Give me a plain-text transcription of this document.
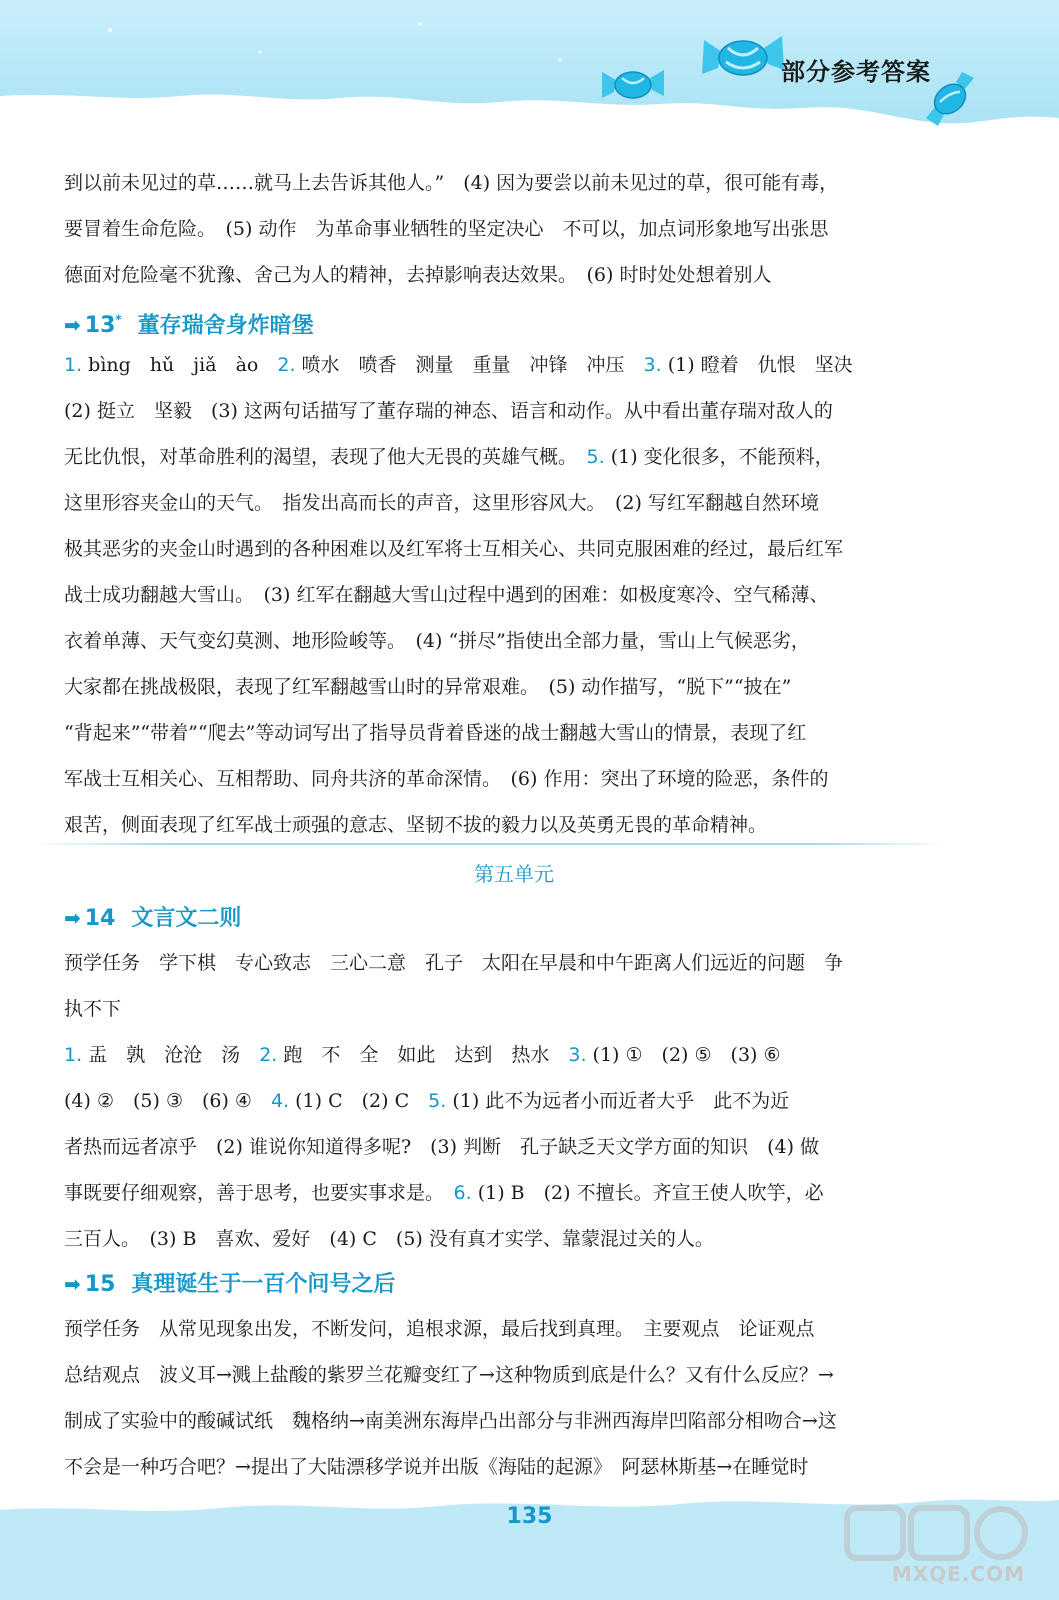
部分参考答案

到以前未见过的草……就马上去告诉其他人。”　(4) 因为要尝以前未见过的草，很可能有毒，

要冒着生命危险。　(5) 动作　为革命事业牺牲的坚定决心　不可以，加点词形象地写出张思

德面对危险毫不犹豫、舍己为人的精神，去掉影响表达效果。　(6) 时时处处想着别人

➡ 13* 董存瑞舍身炸暗堡

1. bìng　hǔ　jiǎ　ào　2. 喷水　喷香　测量　重量　冲锋　冲压　3. (1) 瞪着　仇恨　坚决

(2) 挺立　坚毅　(3) 这两句话描写了董存瑞的神态、语言和动作。从中看出董存瑞对敌人的

无比仇恨，对革命胜利的渴望，表现了他大无畏的英雄气概。　5. (1) 变化很多，不能预料，

这里形容夹金山的天气。　指发出高而长的声音，这里形容风大。　(2) 写红军翻越自然环境

极其恶劣的夹金山时遇到的各种困难以及红军将士互相关心、共同克服困难的经过，最后红军

战士成功翻越大雪山。　(3) 红军在翻越大雪山过程中遇到的困难：如极度寒冷、空气稀薄、

衣着单薄、天气变幻莫测、地形险峻等。　(4) “拼尽”指使出全部力量，雪山上气候恶劣，

大家都在挑战极限，表现了红军翻越雪山时的异常艰难。　(5) 动作描写，“脱下”“披在”

“背起来”“带着”“爬去”等动词写出了指导员背着昏迷的战士翻越大雪山的情景，表现了红

军战士互相关心、互相帮助、同舟共济的革命深情。　(6) 作用：突出了环境的险恶，条件的

艰苦，侧面表现了红军战士顽强的意志、坚韧不拔的毅力以及英勇无畏的革命精神。

第五单元
➡ 14 文言文二则

预学任务　学下棋　专心致志　三心二意　孔子　太阳在早晨和中午距离人们远近的问题　争

执不下

1. 盂　孰　沧沧　汤　2. 跑　不　全　如此　达到　热水　3. (1) ①　(2) ⑤　(3) ⑥

(4) ②　(5) ③　(6) ④　4. (1) C　(2) C　5. (1) 此不为远者小而近者大乎　此不为近

者热而远者凉乎　(2) 谁说你知道得多呢?　(3) 判断　孔子缺乏天文学方面的知识　(4) 做

事既要仔细观察，善于思考，也要实事求是。　6. (1) B　(2) 不擅长。齐宣王使人吹竽，必

三百人。　(3) B　喜欢、爱好　(4) C　(5) 没有真才实学、靠蒙混过关的人。

➡ 15 真理诞生于一百个问号之后

预学任务　从常见现象出发，不断发问，追根求源，最后找到真理。　主要观点　论证观点

总结观点　波义耳→溅上盐酸的紫罗兰花瓣变红了→这种物质到底是什么？又有什么反应？→

制成了实验中的酸碱试纸　魏格纳→南美洲东海岸凸出部分与非洲西海岸凹陷部分相吻合→这

不会是一种巧合吧？→提出了大陆漂移学说并出版《海陆的起源》　阿瑟林斯基→在睡觉时

135
MXQE.COM
